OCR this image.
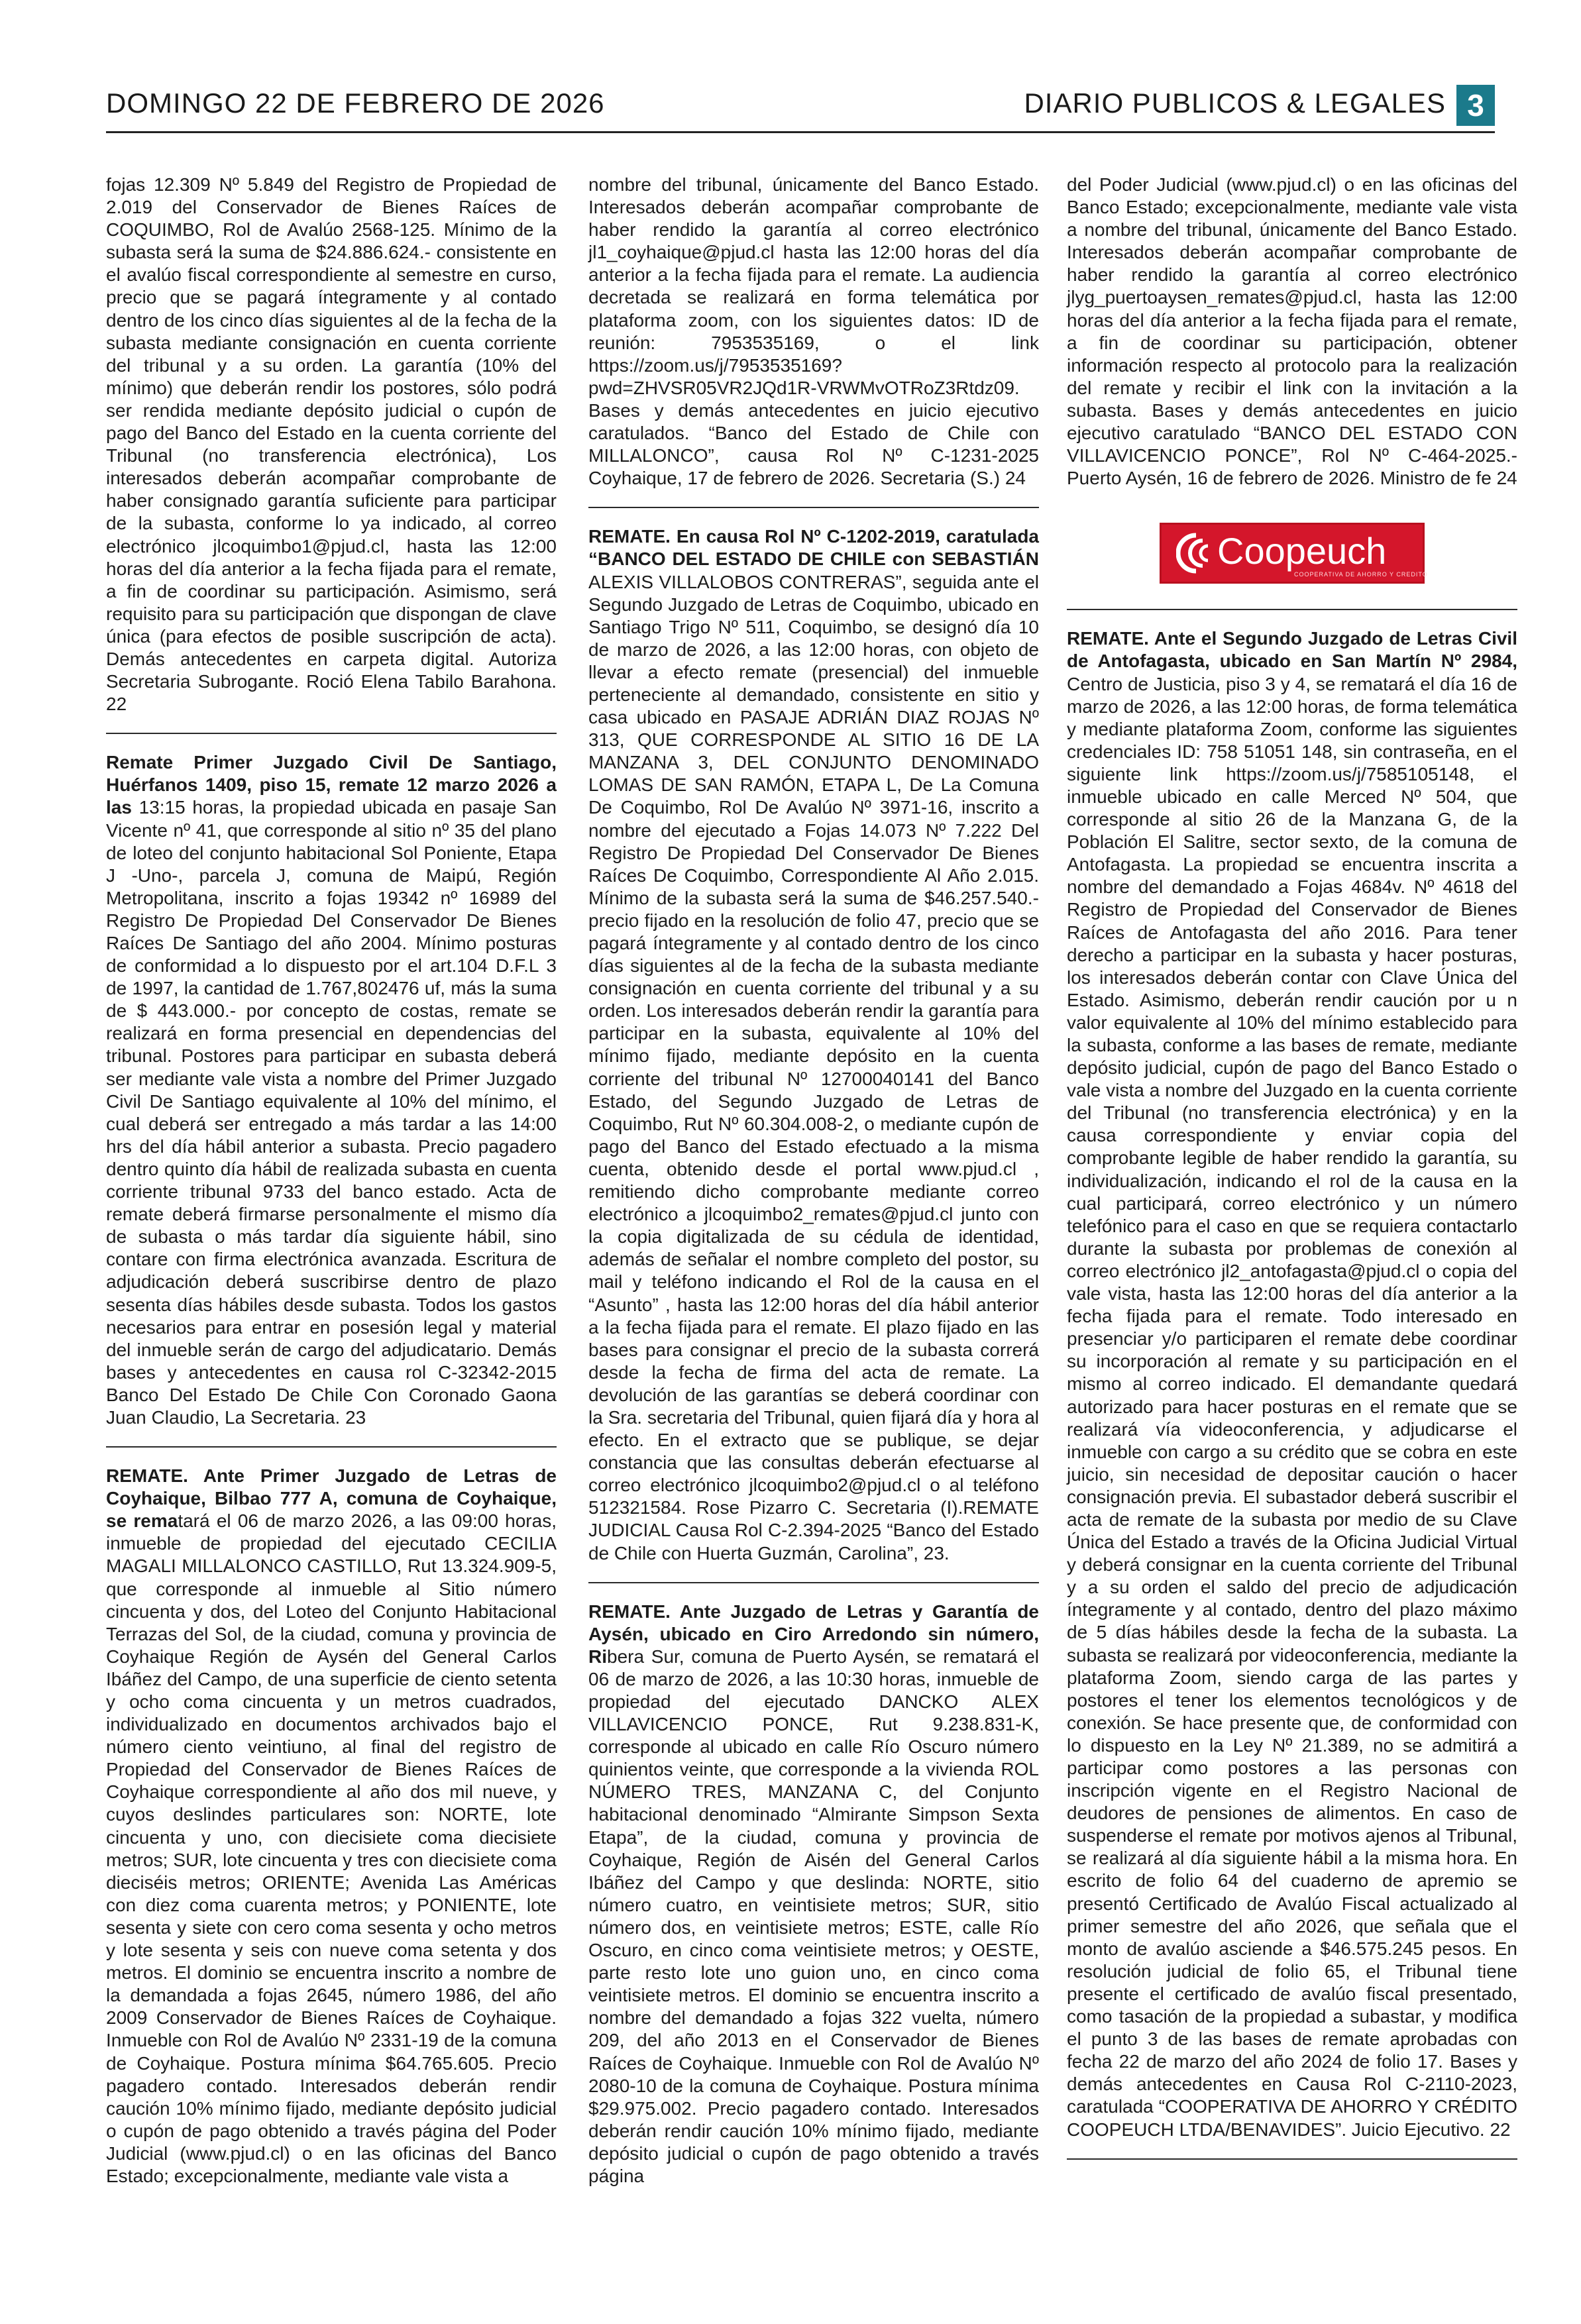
DOMINGO 22 DE FEBRERO DE 2026	DIARIO PUBLICOS & LEGALES 3

fojas 12.309 Nº 5.849 del Registro de Propiedad de 2.019 del Conservador de Bienes Raíces de COQUIMBO, Rol de Avalúo 2568-125. Mínimo de la subasta será la suma de $24.886.624.- consistente en el avalúo fiscal correspondiente al semestre en curso, precio que se pagará íntegramente y al contado dentro de los cinco días siguientes al de la fecha de la subasta mediante consignación en cuenta corriente del tribunal y a su orden. La garantía (10% del mínimo) que deberán rendir los postores, sólo podrá ser rendida mediante depósito judicial o cupón de pago del Banco del Estado en la cuenta corriente del Tribunal (no transferencia electrónica), Los interesados deberán acompañar comprobante de haber consignado garantía suficiente para participar de la subasta, conforme lo ya indicado, al correo electrónico jlcoquimbo1@pjud.cl, hasta las 12:00 horas del día anterior a la fecha fijada para el remate, a fin de coordinar su participación. Asimismo, será requisito para su participación que dispongan de clave única (para efectos de posible suscripción de acta). Demás antecedentes en carpeta digital. Autoriza Secretaria Subrogante. Roció Elena Tabilo Barahona. 22

Remate Primer Juzgado Civil De Santiago, Huérfanos 1409, piso 15, remate 12 marzo 2026 a las 13:15 horas, la propiedad ubicada en pasaje San Vicente nº 41, que corresponde al sitio nº 35 del plano de loteo del conjunto habitacional Sol Poniente, Etapa J -Uno-, parcela J, comuna de Maipú, Región Metropolitana, inscrito a fojas 19342 nº 16989 del Registro De Propiedad Del Conservador De Bienes Raíces De Santiago del año 2004. Mínimo posturas de conformidad a lo dispuesto por el art.104 D.F.L 3 de 1997, la cantidad de 1.767,802476 uf, más la suma de $ 443.000.- por concepto de costas, remate se realizará en forma presencial en dependencias del tribunal. Postores para participar en subasta deberá ser mediante vale vista a nombre del Primer Juzgado Civil De Santiago equivalente al 10% del mínimo, el cual deberá ser entregado a más tardar a las 14:00 hrs del día hábil anterior a subasta. Precio pagadero dentro quinto día hábil de realizada subasta en cuenta corriente tribunal 9733 del banco estado. Acta de remate deberá firmarse personalmente el mismo día de subasta o más tardar día siguiente hábil, sino contare con firma electrónica avanzada. Escritura de adjudicación deberá suscribirse dentro de plazo sesenta días hábiles desde subasta. Todos los gastos necesarios para entrar en posesión legal y material del inmueble serán de cargo del adjudicatario. Demás bases y antecedentes en causa rol C-32342-2015 Banco Del Estado De Chile Con Coronado Gaona Juan Claudio, La Secretaria. 23

REMATE. Ante Primer Juzgado de Letras de Coyhaique, Bilbao 777 A, comuna de Coyhaique, se rematará el 06 de marzo 2026, a las 09:00 horas, inmueble de propiedad del ejecutado CECILIA MAGALI MILLALONCO CASTILLO, Rut 13.324.909-5, que corresponde al inmueble al Sitio número cincuenta y dos, del Loteo del Conjunto Habitacional Terrazas del Sol, de la ciudad, comuna y provincia de Coyhaique Región de Aysén del General Carlos Ibáñez del Campo, de una superficie de ciento setenta y ocho coma cincuenta y un metros cuadrados, individualizado en documentos archivados bajo el número ciento veintiuno, al final del registro de Propiedad del Conservador de Bienes Raíces de Coyhaique correspondiente al año dos mil nueve, y cuyos deslindes particulares son: NORTE, lote cincuenta y uno, con diecisiete coma diecisiete metros; SUR, lote cincuenta y tres con diecisiete coma dieciséis metros; ORIENTE; Avenida Las Américas con diez coma cuarenta metros; y PONIENTE, lote sesenta y siete con cero coma sesenta y ocho metros y lote sesenta y seis con nueve coma setenta y dos metros. El dominio se encuentra inscrito a nombre de la demandada a fojas 2645, número 1986, del año 2009 Conservador de Bienes Raíces de Coyhaique. Inmueble con Rol de Avalúo Nº 2331-19 de la comuna de Coyhaique. Postura mínima $64.765.605. Precio pagadero contado. Interesados deberán rendir caución 10% mínimo fijado, mediante depósito judicial o cupón de pago obtenido a través página del Poder Judicial (www.pjud.cl) o en las oficinas del Banco Estado; excepcionalmente, mediante vale vista a

nombre del tribunal, únicamente del Banco Estado. Interesados deberán acompañar comprobante de haber rendido la garantía al correo electrónico jl1_coyhaique@pjud.cl hasta las 12:00 horas del día anterior a la fecha fijada para el remate. La audiencia decretada se realizará en forma telemática por plataforma zoom, con los siguientes datos: ID de reunión: 7953535169, o el link https://zoom.us/j/7953535169?pwd=ZHVSR05VR2JQd1R-VRWMvOTRoZ3Rtdz09. Bases y demás antecedentes en juicio ejecutivo caratulados. “Banco del Estado de Chile con MILLALONCO”, causa Rol Nº C-1231-2025 Coyhaique, 17 de febrero de 2026. Secretaria (S.) 24

REMATE. En causa Rol Nº C-1202-2019, caratulada “BANCO DEL ESTADO DE CHILE con SEBASTIÁN ALEXIS VILLALOBOS CONTRERAS”, seguida ante el Segundo Juzgado de Letras de Coquimbo, ubicado en Santiago Trigo Nº 511, Coquimbo, se designó día 10 de marzo de 2026, a las 12:00 horas, con objeto de llevar a efecto remate (presencial) del inmueble perteneciente al demandado, consistente en sitio y casa ubicado en PASAJE ADRIÁN DIAZ ROJAS Nº 313, QUE CORRESPONDE AL SITIO 16 DE LA MANZANA 3, DEL CONJUNTO DENOMINADO LOMAS DE SAN RAMÓN, ETAPA L, De La Comuna De Coquimbo, Rol De Avalúo Nº 3971-16, inscrito a nombre del ejecutado a Fojas 14.073 Nº 7.222 Del Registro De Propiedad Del Conservador De Bienes Raíces De Coquimbo, Correspondiente Al Año 2.015. Mínimo de la subasta será la suma de $46.257.540.- precio fijado en la resolución de folio 47, precio que se pagará íntegramente y al contado dentro de los cinco días siguientes al de la fecha de la subasta mediante consignación en cuenta corriente del tribunal y a su orden. Los interesados deberán rendir la garantía para participar en la subasta, equivalente al 10% del mínimo fijado, mediante depósito en la cuenta corriente del tribunal Nº 12700040141 del Banco Estado, del Segundo Juzgado de Letras de Coquimbo, Rut Nº 60.304.008-2, o mediante cupón de pago del Banco del Estado efectuado a la misma cuenta, obtenido desde el portal www.pjud.cl , remitiendo dicho comprobante mediante correo electrónico a jlcoquimbo2_remates@pjud.cl junto con la copia digitalizada de su cédula de identidad, además de señalar el nombre completo del postor, su mail y teléfono indicando el Rol de la causa en el “Asunto” , hasta las 12:00 horas del día hábil anterior a la fecha fijada para el remate. El plazo fijado en las bases para consignar el precio de la subasta correrá desde la fecha de firma del acta de remate. La devolución de las garantías se deberá coordinar con la Sra. secretaria del Tribunal, quien fijará día y hora al efecto. En el extracto que se publique, se dejar constancia que las consultas deberán efectuarse al correo electrónico jlcoquimbo2@pjud.cl o al teléfono 512321584. Rose Pizarro C. Secretaria (I).REMATE JUDICIAL Causa Rol C-2.394-2025 “Banco del Estado de Chile con Huerta Guzmán, Carolina”, 23.

REMATE. Ante Juzgado de Letras y Garantía de Aysén, ubicado en Ciro Arredondo sin número, Ribera Sur, comuna de Puerto Aysén, se rematará el 06 de marzo de 2026, a las 10:30 horas, inmueble de propiedad del ejecutado DANCKO ALEX VILLAVICENCIO PONCE, Rut 9.238.831-K, corresponde al ubicado en calle Río Oscuro número quinientos veinte, que corresponde a la vivienda ROL NÚMERO TRES, MANZANA C, del Conjunto habitacional denominado “Almirante Simpson Sexta Etapa”, de la ciudad, comuna y provincia de Coyhaique, Región de Aisén del General Carlos Ibáñez del Campo y que deslinda: NORTE, sitio número cuatro, en veintisiete metros; SUR, sitio número dos, en veintisiete metros; ESTE, calle Río Oscuro, en cinco coma veintisiete metros; y OESTE, parte resto lote uno guion uno, en cinco coma veintisiete metros. El dominio se encuentra inscrito a nombre del demandado a fojas 322 vuelta, número 209, del año 2013 en el Conservador de Bienes Raíces de Coyhaique. Inmueble con Rol de Avalúo Nº 2080-10 de la comuna de Coyhaique. Postura mínima $29.975.002. Precio pagadero contado. Interesados deberán rendir caución 10% mínimo fijado, mediante depósito judicial o cupón de pago obtenido a través página

del Poder Judicial (www.pjud.cl) o en las oficinas del Banco Estado; excepcionalmente, mediante vale vista a nombre del tribunal, únicamente del Banco Estado. Interesados deberán acompañar comprobante de haber rendido la garantía al correo electrónico jlyg_puertoaysen_remates@pjud.cl, hasta las 12:00 horas del día anterior a la fecha fijada para el remate, a fin de coordinar su participación, obtener información respecto al protocolo para la realización del remate y recibir el link con la invitación a la subasta. Bases y demás antecedentes en juicio ejecutivo caratulado “BANCO DEL ESTADO CON VILLAVICENCIO PONCE”, Rol Nº C-464-2025.- Puerto Aysén, 16 de febrero de 2026. Ministro de fe 24

Coopeuch
COOPERATIVA DE AHORRO Y CREDITO

REMATE. Ante el Segundo Juzgado de Letras Civil de Antofagasta, ubicado en San Martín Nº 2984, Centro de Justicia, piso 3 y 4, se rematará el día 16 de marzo de 2026, a las 12:00 horas, de forma telemática y mediante plataforma Zoom, conforme las siguientes credenciales ID: 758 51051 148, sin contraseña, en el siguiente link https://zoom.us/j/7585105148, el inmueble ubicado en calle Merced Nº 504, que corresponde al sitio 26 de la Manzana G, de la Población El Salitre, sector sexto, de la comuna de Antofagasta. La propiedad se encuentra inscrita a nombre del demandado a Fojas 4684v. Nº 4618 del Registro de Propiedad del Conservador de Bienes Raíces de Antofagasta del año 2016. Para tener derecho a participar en la subasta y hacer posturas, los interesados deberán contar con Clave Única del Estado. Asimismo, deberán rendir caución por u n valor equivalente al 10% del mínimo establecido para la subasta, conforme a las bases de remate, mediante depósito judicial, cupón de pago del Banco Estado o vale vista a nombre del Juzgado en la cuenta corriente del Tribunal (no transferencia electrónica) y en la causa correspondiente y enviar copia del comprobante legible de haber rendido la garantía, su individualización, indicando el rol de la causa en la cual participará, correo electrónico y un número telefónico para el caso en que se requiera contactarlo durante la subasta por problemas de conexión al correo electrónico jl2_antofagasta@pjud.cl o copia del vale vista, hasta las 12:00 horas del día anterior a la fecha fijada para el remate. Todo interesado en presenciar y/o participaren el remate debe coordinar su incorporación al remate y su participación en el mismo al correo indicado. El demandante quedará autorizado para hacer posturas en el remate que se realizará vía videoconferencia, y adjudicarse el inmueble con cargo a su crédito que se cobra en este juicio, sin necesidad de depositar caución o hacer consignación previa. El subastador deberá suscribir el acta de remate de la subasta por medio de su Clave Única del Estado a través de la Oficina Judicial Virtual y deberá consignar en la cuenta corriente del Tribunal y a su orden el saldo del precio de adjudicación íntegramente y al contado, dentro del plazo máximo de 5 días hábiles desde la fecha de la subasta. La subasta se realizará por videoconferencia, mediante la plataforma Zoom, siendo carga de las partes y postores el tener los elementos tecnológicos y de conexión. Se hace presente que, de conformidad con lo dispuesto en la Ley Nº 21.389, no se admitirá a participar como postores a las personas con inscripción vigente en el Registro Nacional de deudores de pensiones de alimentos. En caso de suspenderse el remate por motivos ajenos al Tribunal, se realizará al día siguiente hábil a la misma hora. En escrito de folio 64 del cuaderno de apremio se presentó Certificado de Avalúo Fiscal actualizado al primer semestre del año 2026, que señala que el monto de avalúo asciende a $46.575.245 pesos. En resolución judicial de folio 65, el Tribunal tiene presente el certificado de avalúo fiscal presentado, como tasación de la propiedad a subastar, y modifica el punto 3 de las bases de remate aprobadas con fecha 22 de marzo del año 2024 de folio 17. Bases y demás antecedentes en Causa Rol C-2110-2023, caratulada “COOPERATIVA DE AHORRO Y CRÉDITO COOPEUCH LTDA/BENAVIDES”. Juicio Ejecutivo. 22
